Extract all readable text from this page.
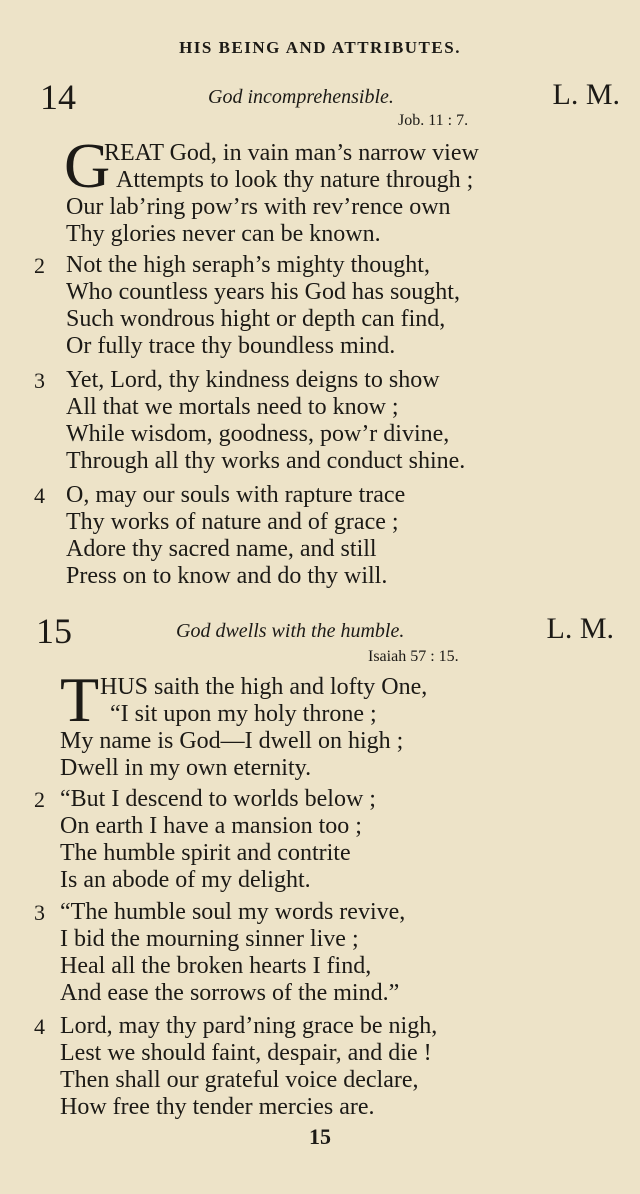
HIS BEING AND ATTRIBUTES.
14	God incomprehensible.	L. M.
Job. 11 : 7.
G
REAT God, in vain man’s narrow view
Attempts to look thy nature through ;
Our lab’ring pow’rs with rev’rence own
Thy glories never can be known.
2 Not the high seraph’s mighty thought,
Who countless years his God has sought,
Such wondrous hight or depth can find,
Or fully trace thy boundless mind.
3 Yet, Lord, thy kindness deigns to show
All that we mortals need to know ;
While wisdom, goodness, pow’r divine,
Through all thy works and conduct shine.
4 O, may our souls with rapture trace
Thy works of nature and of grace ;
Adore thy sacred name, and still
Press on to know and do thy will.
15	God dwells with the humble.	L. M.
Isaiah 57 : 15.
T HUS saith the high and lofty One,
“I sit upon my holy throne ;
My name is God—I dwell on high ;
Dwell in my own eternity.
2 “But I descend to worlds below ;
On earth I have a mansion too ;
The humble spirit and contrite
Is an abode of my delight.
3 “The humble soul my words revive,
I bid the mourning sinner live ;
Heal all the broken hearts I find,
And ease the sorrows of the mind.”
4 Lord, may thy pard’ning grace be nigh,
Lest we should faint, despair, and die !
Then shall our grateful voice declare,
How free thy tender mercies are.
15
